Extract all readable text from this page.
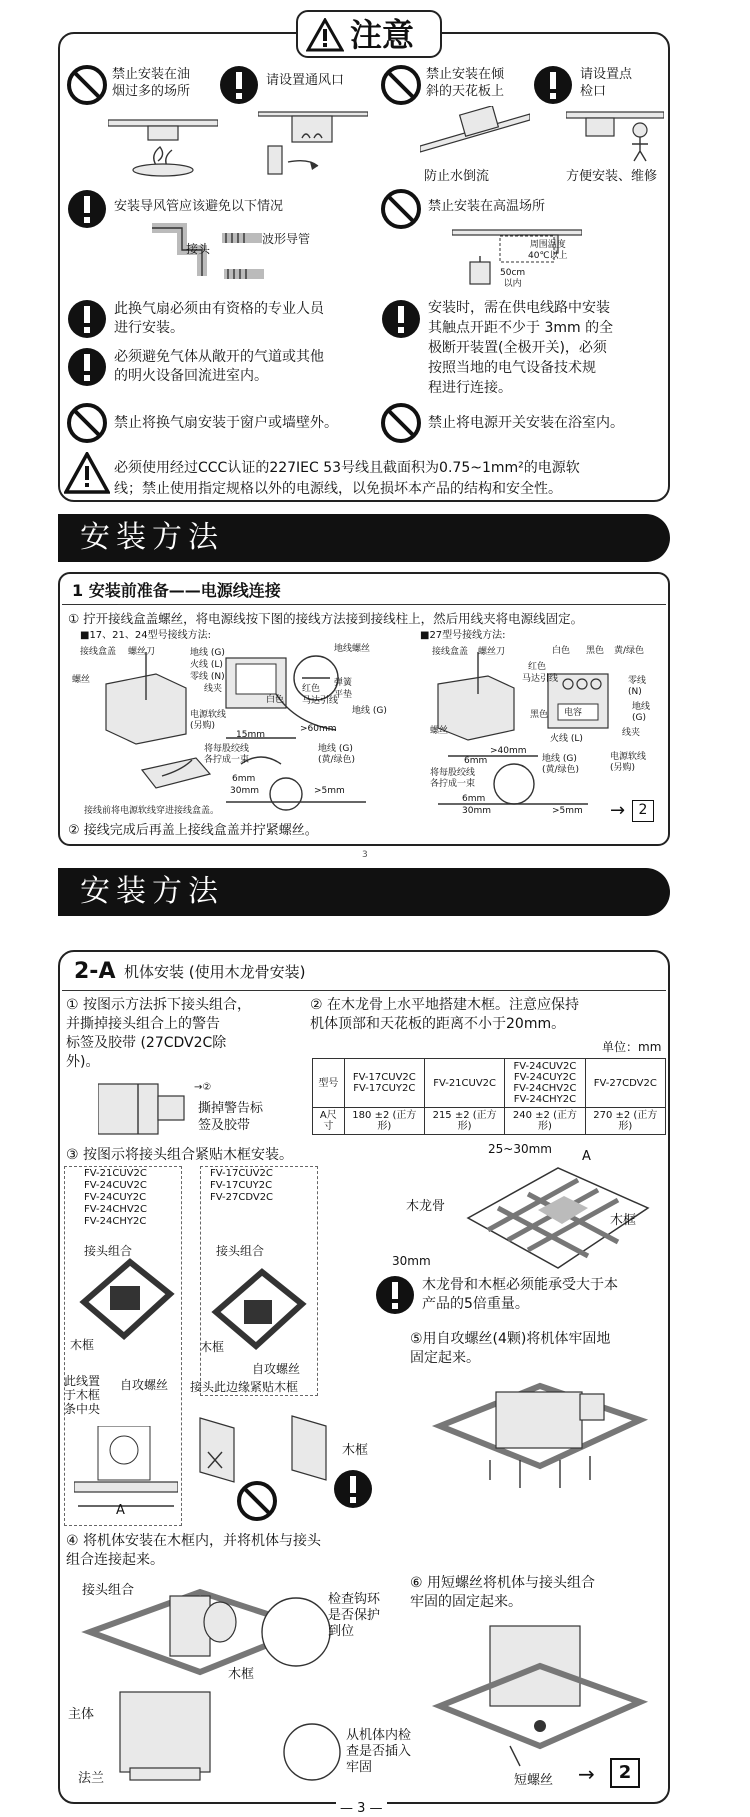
注意
禁止安装在油
烟过多的场所
请设置通风口	禁止安装在倾
斜的天花板上
请设置点
检口
防止水倒流	方便安装、维修
安装导风管应该避免以下情况	禁止安装在高温场所
接头
波形导管
50cm
以内
周围温度
40℃以上
此换气扇必须由有资格的专业人员
进行安装。
安装时，需在供电线路中安装
其触点开距不少于 3mm 的全
极断开装置(全极开关)，必须
按照当地的电气设备技术规
程进行连接。
必须避免气体从敞开的气道或其他
的明火设备回流进室内。
禁止将换气扇安装于窗户或墙壁外。	禁止将电源开关安装在浴室内。
必须使用经过CCC认证的227IEC 53号线且截面积为0.75~1mm²的电源软
线；禁止使用指定规格以外的电源线，以免损坏本产品的结构和安全性。
安装方法
1 安装前准备——电源线连接
① 拧开接线盒盖螺丝，将电源线按下图的接线方法接到接线柱上，然后用线夹将电源线固定。
■17、21、24型号接线方法:	■27型号接线方法:
接线盒盖 螺丝刀
螺丝
地线 (G)
火线 (L)
零线 (N)
线夹
地线螺丝
弹簧
平垫
白色
红色
马达引线
地线 (G)
电源软线
(另购)
15mm
>60mm
将每股绞线
各拧成一束
地线 (G)
(黄/绿色)
6mm
30mm	>5mm
接线前将电源软线穿进接线盒盖。
接线盒盖 螺丝刀
红色
马达引线
白色 黑色 黄/绿色
零线
(N)
地线
(G)
黑色 电容
线夹
火线 (L)
螺丝
>40mm
6mm
将每股绞线
各拧成一束
地线 (G)
(黄/绿色)
电源软线
(另购)
6mm
30mm	>5mm
② 接线完成后再盖上接线盒盖并拧紧螺丝。
→ 2
3
安装方法
2-A 机体安装 (使用木龙骨安装)
① 按图示方法拆下接头组合，
并撕掉接头组合上的警告
标签及胶带 (27CDV2C除
外)。
→②
撕掉警告标
签及胶带
② 在木龙骨上水平地搭建木框。注意应保持
机体顶部和天花板的距离不小于20mm。
单位：mm
型号	FV-17CUV2C
FV-17CUY2C	FV-21CUV2C	FV-24CUV2C
FV-24CUY2C
FV-24CHV2C
FV-24CHY2C	FV-27CDV2C
A尺寸	180 ±2 (正方形)	215 ±2 (正方形)	240 ±2 (正方形)	270 ±2 (正方形)
③ 按图示将接头组合紧贴木框安装。
FV-21CUV2C
FV-24CUV2C
FV-24CUY2C
FV-24CHV2C
FV-24CHY2C
FV-17CUV2C
FV-17CUY2C
FV-27CDV2C
接头组合
木框
此线置
于木框
条中央
自攻螺丝
接头组合
木框
自攻螺丝
接头此边缘紧贴木框
A
木框
25~30mm A
木龙骨
木框
30mm
木龙骨和木框必须能承受大于本
产品的5倍重量。
⑤用自攻螺丝(4颗)将机体牢固地
固定起来。
④ 将机体安装在木框内，并将机体与接头
组合连接起来。
接头组合
检查钩环
是否保护
到位
木框
主体
法兰
从机体内检
查是否插入
牢固
⑥ 用短螺丝将机体与接头组合
牢固的固定起来。
短螺丝 →	2
— 3 —
